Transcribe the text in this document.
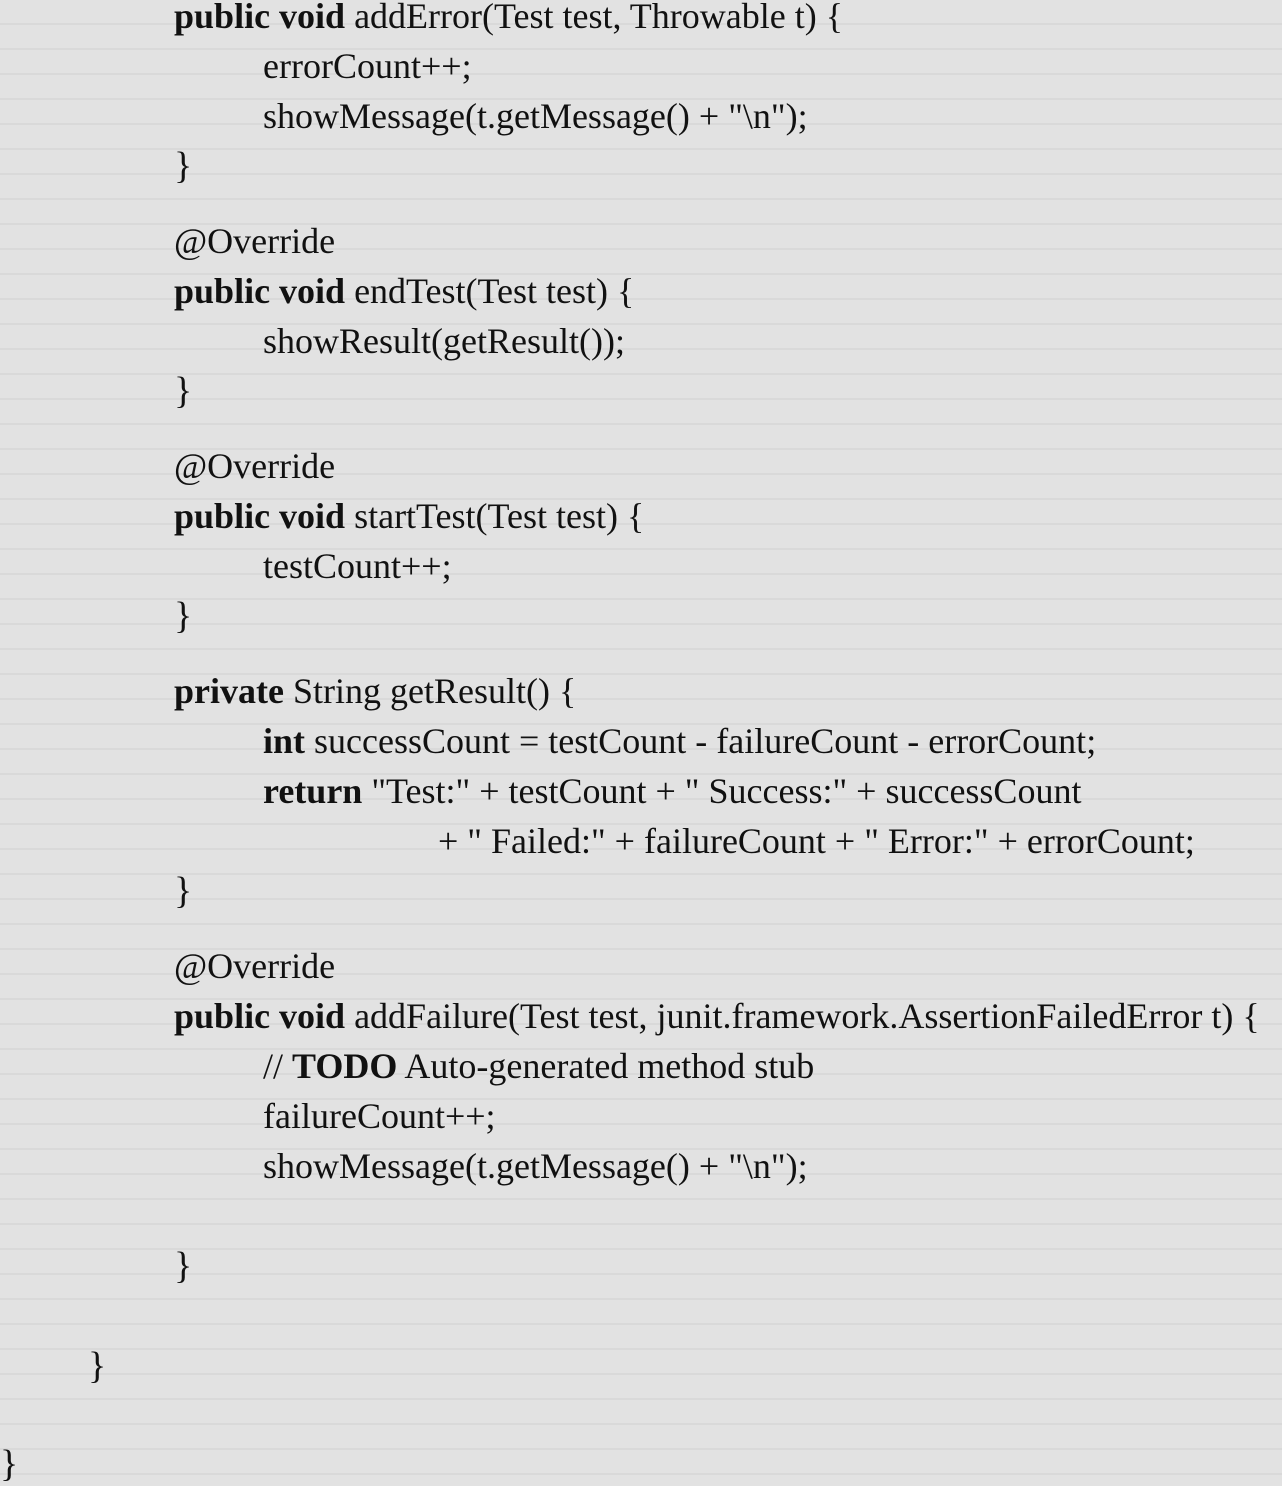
public void addError(Test test, Throwable t) {
errorCount++;
showMessage(t.getMessage() + "\n");
}
@Override
public void endTest(Test test) {
showResult(getResult());
}
@Override
public void startTest(Test test) {
testCount++;
}
private String getResult() {
int successCount = testCount - failureCount - errorCount;
return "Test:" + testCount + " Success:" + successCount
+ " Failed:" + failureCount + " Error:" + errorCount;
}
@Override
public void addFailure(Test test, junit.framework.AssertionFailedError t) {
// TODO Auto-generated method stub
failureCount++;
showMessage(t.getMessage() + "\n");
}
}
}
